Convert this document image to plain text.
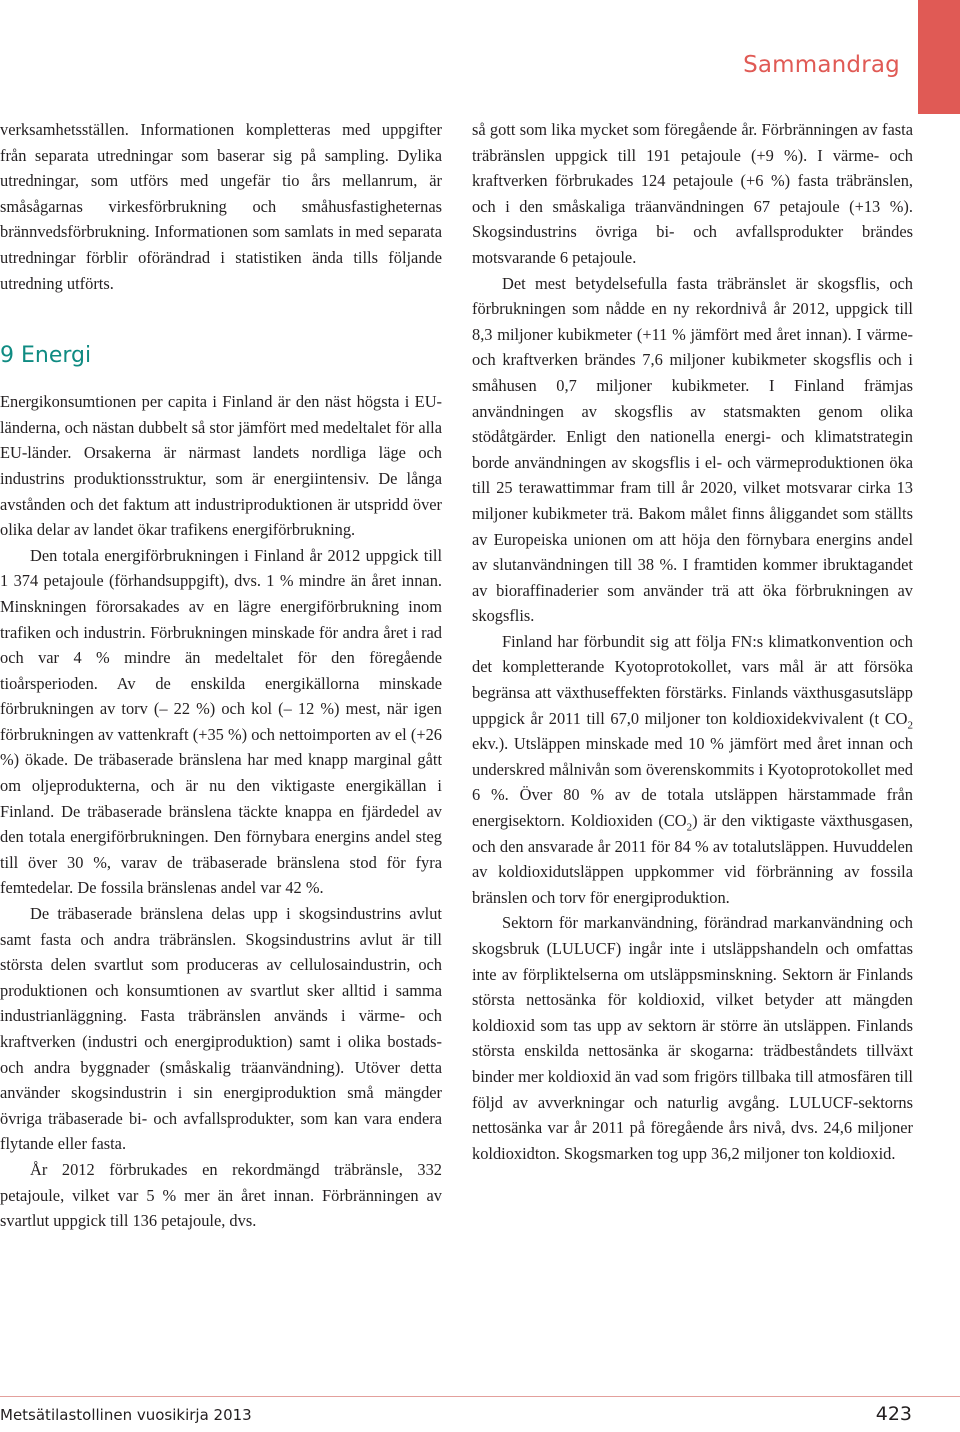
Sammandrag

verksamhetsställen. Informationen kompletteras med uppgifter från separata utredningar som baserar sig på sampling. Dylika utredningar, som utförs med ungefär tio års mellanrum, är småsågarnas virkesförbrukning och småhusfastigheternas brännvedsförbrukning. Informationen som samlats in med separata utredningar förblir oförändrad i statistiken ända tills följande utredning utförts.

9 Energi

Energikonsumtionen per capita i Finland är den näst högsta i EU-länderna, och nästan dubbelt så stor jämfört med medeltalet för alla EU-länder. Orsakerna är närmast landets nordliga läge och industrins produktionsstruktur, som är energiintensiv. De långa avstånden och det faktum att industriproduktionen är utspridd över olika delar av landet ökar trafikens energiförbrukning.

Den totala energiförbrukningen i Finland år 2012 uppgick till 1 374 petajoule (förhandsuppgift), dvs. 1 % mindre än året innan. Minskningen förorsakades av en lägre energiförbrukning inom trafiken och industrin. Förbrukningen minskade för andra året i rad och var 4 % mindre än medeltalet för den föregående tioårsperioden. Av de enskilda energikällorna minskade förbrukningen av torv (– 22 %) och kol (– 12 %) mest, när igen förbrukningen av vattenkraft (+35 %) och nettoimporten av el (+26 %) ökade. De träbaserade bränslena har med knapp marginal gått om oljeprodukterna, och är nu den viktigaste energikällan i Finland. De träbaserade bränslena täckte knappa en fjärdedel av den totala energiförbrukningen. Den förnybara energins andel steg till över 30 %, varav de träbaserade bränslena stod för fyra femtedelar. De fossila bränslenas andel var 42 %.

De träbaserade bränslena delas upp i skogsindustrins avlut samt fasta och andra träbränslen. Skogsindustrins avlut är till största delen svartlut som produceras av cellulosaindustrin, och produktionen och konsumtionen av svartlut sker alltid i samma industrianläggning. Fasta träbränslen används i värme- och kraftverken (industri och energiproduktion) samt i olika bostads- och andra byggnader (småskalig träanvändning). Utöver detta använder skogsindustrin i sin energiproduktion små mängder övriga träbaserade bi- och avfallsprodukter, som kan vara endera flytande eller fasta.

År 2012 förbrukades en rekordmängd träbränsle, 332 petajoule, vilket var 5 % mer än året innan. Förbränningen av svartlut uppgick till 136 petajoule, dvs.

så gott som lika mycket som föregående år. Förbränningen av fasta träbränslen uppgick till 191 petajoule (+9 %). I värme- och kraftverken förbrukades 124 petajoule (+6 %) fasta träbränslen, och i den småskaliga träanvändningen 67 petajoule (+13 %). Skogsindustrins övriga bi- och avfallsprodukter brändes motsvarande 6 petajoule.

Det mest betydelsefulla fasta träbränslet är skogsflis, och förbrukningen som nådde en ny rekordnivå år 2012, uppgick till 8,3 miljoner kubikmeter (+11 % jämfört med året innan). I värme- och kraftverken brändes 7,6 miljoner kubikmeter skogsflis och i småhusen 0,7 miljoner kubikmeter. I Finland främjas användningen av skogsflis av statsmakten genom olika stödåtgärder. Enligt den nationella energi- och klimatstrategin borde användningen av skogsflis i el- och värmeproduktionen öka till 25 terawattimmar fram till år 2020, vilket motsvarar cirka 13 miljoner kubikmeter trä. Bakom målet finns åliggandet som ställts av Europeiska unionen om att höja den förnybara energins andel av slutanvändningen till 38 %. I framtiden kommer ibruktagandet av bioraffinaderier som använder trä att öka förbrukningen av skogsflis.

Finland har förbundit sig att följa FN:s klimatkonvention och det kompletterande Kyotoprotokollet, vars mål är att försöka begränsa att växthuseffekten förstärks. Finlands växthusgasutsläpp uppgick år 2011 till 67,0 miljoner ton koldioxidekvivalent (t $CO_2$ ekv.). Utsläppen minskade med 10 % jämfört med året innan och underskred målnivån som överenskommits i Kyotoprotokollet med 6 %. Över 80 % av de totala utsläppen härstammade från energisektorn. Koldioxiden $(CO_2)$ är den viktigaste växthusgasen, och den ansvarade år 2011 för 84 % av totalutsläppen. Huvuddelen av koldioxidutsläppen uppkommer vid förbränning av fossila bränslen och torv för energiproduktion.

Sektorn för markanvändning, förändrad markanvändning och skogsbruk (LULUCF) ingår inte i utsläppshandeln och omfattas inte av förpliktelserna om utsläppsminskning. Sektorn är Finlands största nettosänka för koldioxid, vilket betyder att mängden koldioxid som tas upp av sektorn är större än utsläppen. Finlands största enskilda nettosänka är skogarna: trädbeståndets tillväxt binder mer koldioxid än vad som frigörs tillbaka till atmosfären till följd av avverkningar och naturlig avgång. LULUCF-sektorns nettosänka var år 2011 på föregående års nivå, dvs. 24,6 miljoner koldioxidton. Skogsmarken tog upp 36,2 miljoner ton koldioxid.

Metsätilastollinen vuosikirja 2013	423
